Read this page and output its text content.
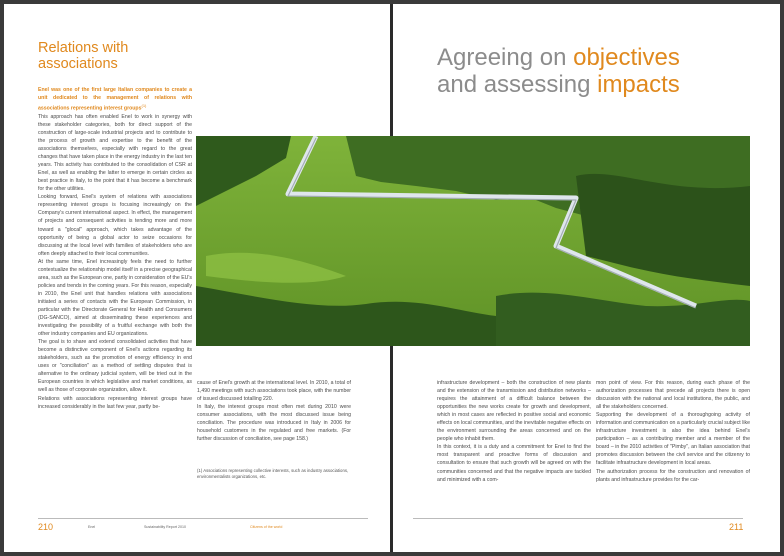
Relations with associations

Enel was one of the first large Italian companies to create a unit dedicated to the management of relations with associations representing interest groups$^{(1)}$

This approach has often enabled Enel to work in synergy with these stakeholder categories, both for direct support of the construction of large-scale industrial projects and to contribute to the process of growth and expertise to the benefit of the associations themselves, especially with regard to the great changes that have taken place in the energy industry in the last ten years. This activity has contributed to the consolidation of CSR at Enel, as well as enabling the latter to emerge in certain circles as best practice in Italy, to the point that it has become a benchmark for the other utilities.

Looking forward, Enel's system of relations with associations representing interest groups is focusing increasingly on the Company's current international aspect. In effect, the management of projects and consequent activities is tending more and more toward a "glocal" approach, which takes advantage of the opportunity of being a global actor to seize occasions for discussing at the local level with families of stakeholders who are often deeply attached to their local communities.

At the same time, Enel increasingly feels the need to further contextualize the relationship model itself in a precise geographical area, such as the European one, partly in consideration of the EU's policies and trends in the coming years. For this reason, especially in 2010, the Enel unit that handles relations with associations initiated a series of contacts with the European Commission, in particular with the Directorate General for Health and Consumers (DG-SANCO), aimed at disseminating these experiences and investigating the possibility of a fruitful exchange with both the other industry companies and EU organizations.

The goal is to share and extend consolidated activities that have become a distinctive component of Enel's actions regarding its stakeholders, such as the promotion of energy efficiency in end uses or "conciliation" as a method of settling disputes that is alternative to the ordinary judicial system, will be tried out in the European countries in which legislative and market conditions, as well as those of corporate organization, allow it.

Relations with associations representing interest groups have increased considerably in the last few year, partly be-

cause of Enel's growth at the international level. In 2010, a total of 1,490 meetings with such associations took place, with the number of issued discussed totalling 220.

In Italy, the interest groups most often met during 2010 were consumer associations, with the most discussed issue being conciliation. The procedure was introduced in Italy in 2006 for household customers in the regulated and free markets. (For further discussion of conciliation, see page 158.)

(1) Associations representing collective interests, such as industry associations, environmentalists organizations, etc.
210	Enel	Sustainability Report 2010	Citizens of the world
Agreeing on objectives
and assessing impacts

infrastructure development – both the construction of new plants and the extension of the transmission and distribution networks – requires the attainment of a difficult balance between the opportunities the new works create for growth and development, which in most cases are reflected in positive social and economic effects on local communities, and the inevitable negative effects on the environment surrounding the areas concerned and on the people who inhabit them.

In this context, it is a duty and a commitment for Enel to find the most transparent and proactive forms of discussion and consultation to ensure that such growth will be agreed on with the communities concerned and that the negative impacts are tackled and minimized with a com-

mon point of view. For this reason, during each phase of the authorization processes that precede all projects there is open discussion with the national and local institutions, the public, and all the stakeholders concerned.

Supporting the development of a thoroughgoing activity of information and communication on a particularly crucial subject like infrastructure investment is also the idea behind Enel's participation – as a contributing member and a member of the board – in the 2010 activities of "Pimby", an Italian association that promotes discussion between the civil service and the citizenry to facilitate infrastructure development in local areas.

The authorization process for the construction and renovation of plants and infrastructure provides for the car-

211
